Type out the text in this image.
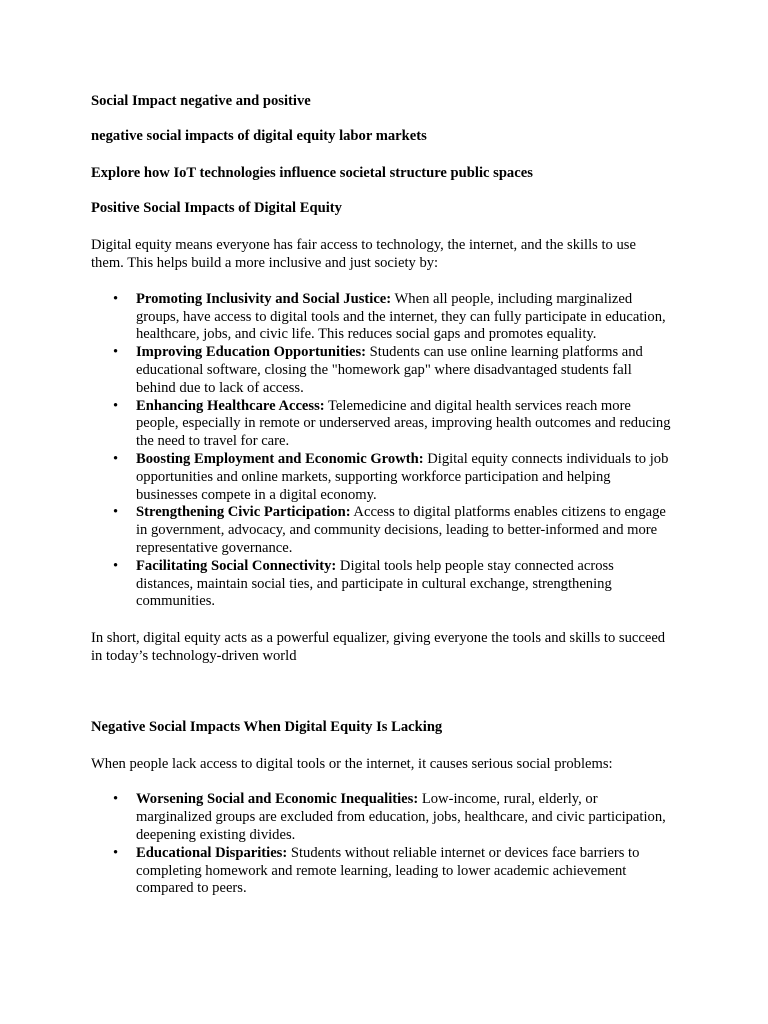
Social Impact negative and positive

negative social impacts of digital equity labor markets

Explore how IoT technologies influence societal structure public spaces

Positive Social Impacts of Digital Equity

Digital equity means everyone has fair access to technology, the internet, and the skills to use them. This helps build a more inclusive and just society by:

• Promoting Inclusivity and Social Justice: When all people, including marginalized groups, have access to digital tools and the internet, they can fully participate in education, healthcare, jobs, and civic life. This reduces social gaps and promotes equality.
• Improving Education Opportunities: Students can use online learning platforms and educational software, closing the "homework gap" where disadvantaged students fall behind due to lack of access.
• Enhancing Healthcare Access: Telemedicine and digital health services reach more people, especially in remote or underserved areas, improving health outcomes and reducing the need to travel for care.
• Boosting Employment and Economic Growth: Digital equity connects individuals to job opportunities and online markets, supporting workforce participation and helping businesses compete in a digital economy.
• Strengthening Civic Participation: Access to digital platforms enables citizens to engage in government, advocacy, and community decisions, leading to better-informed and more representative governance.
• Facilitating Social Connectivity: Digital tools help people stay connected across distances, maintain social ties, and participate in cultural exchange, strengthening communities.

In short, digital equity acts as a powerful equalizer, giving everyone the tools and skills to succeed in today’s technology-driven world

Negative Social Impacts When Digital Equity Is Lacking

When people lack access to digital tools or the internet, it causes serious social problems:

• Worsening Social and Economic Inequalities: Low-income, rural, elderly, or marginalized groups are excluded from education, jobs, healthcare, and civic participation, deepening existing divides.
• Educational Disparities: Students without reliable internet or devices face barriers to completing homework and remote learning, leading to lower academic achievement compared to peers.
